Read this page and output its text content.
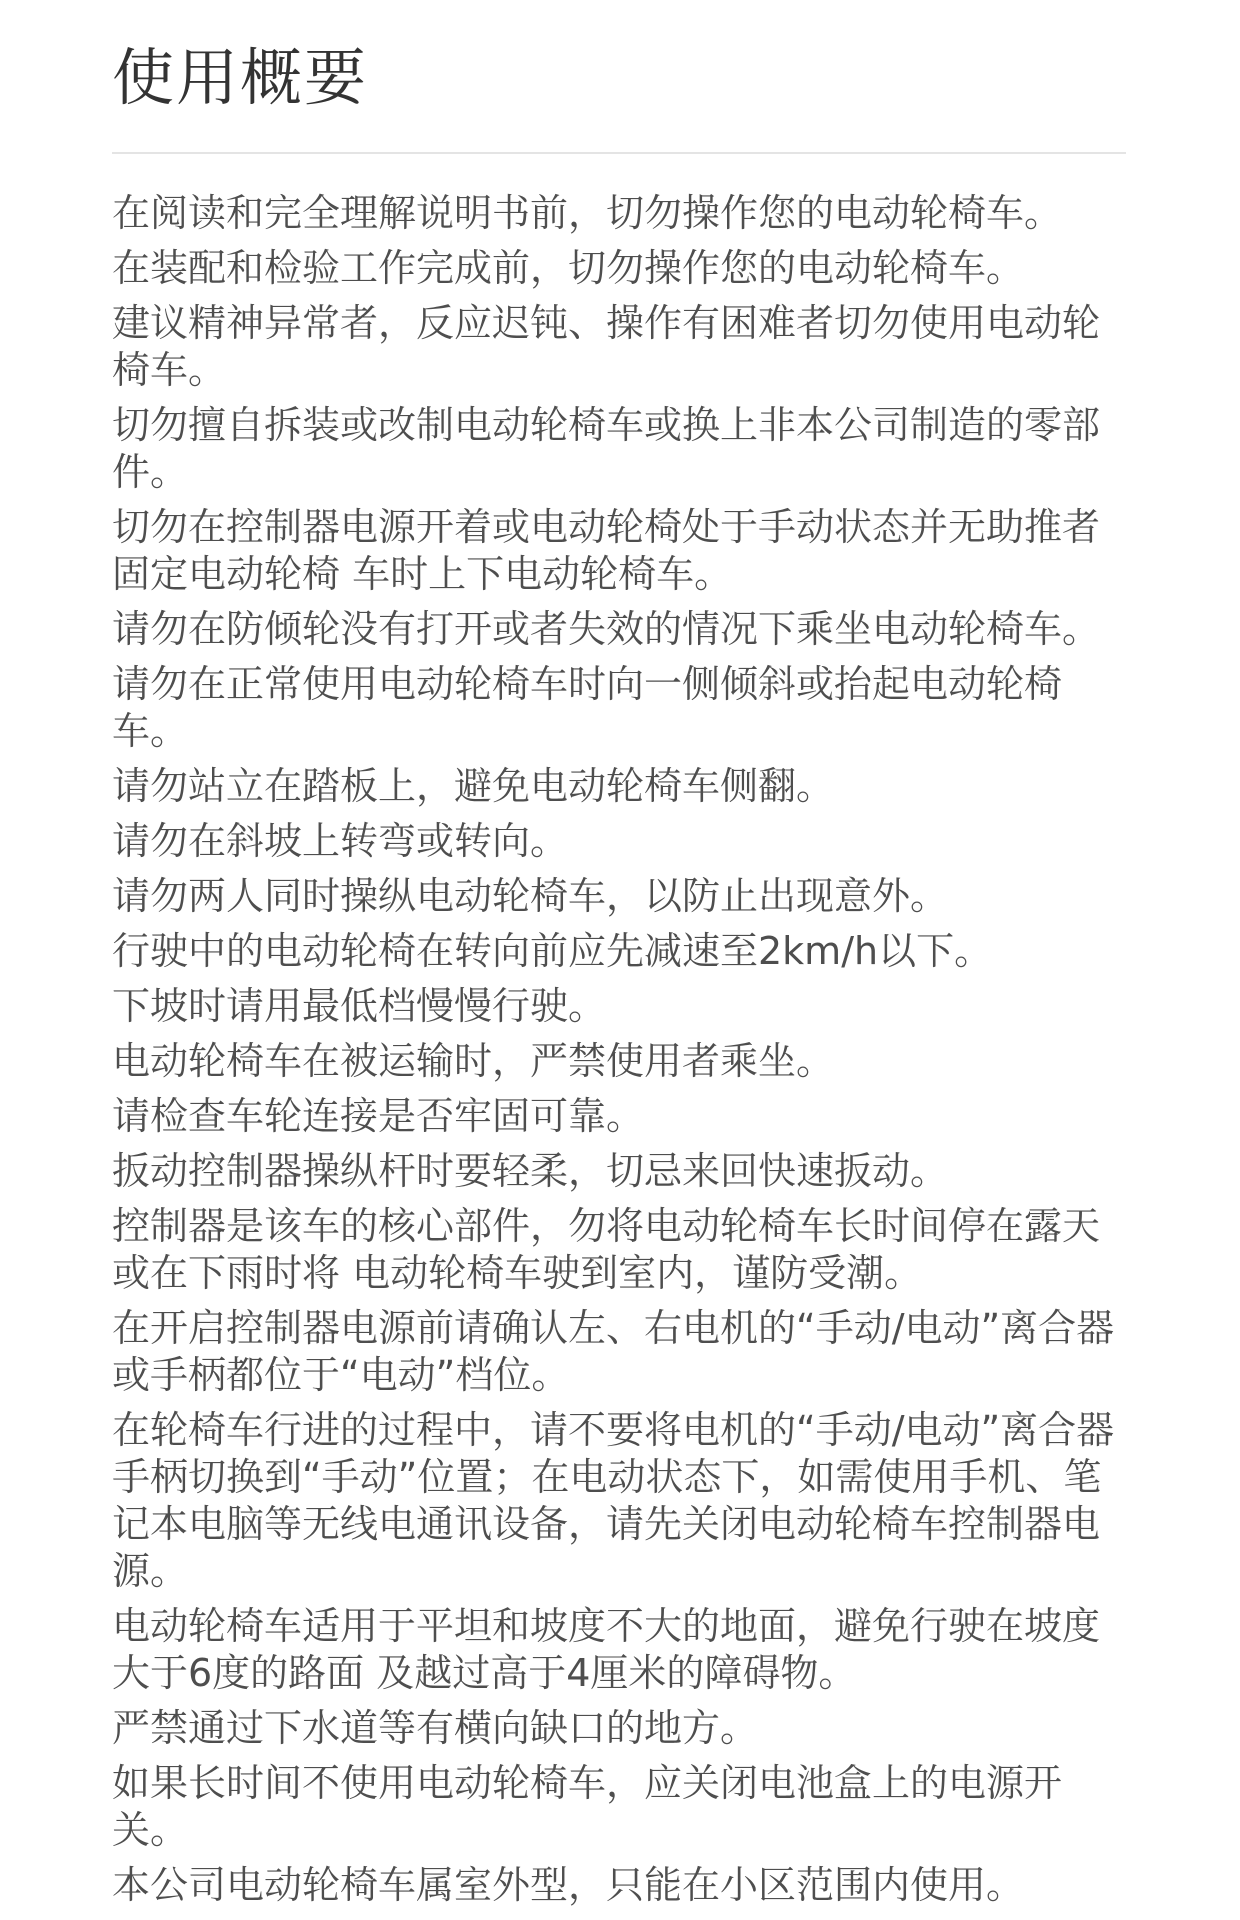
使用概要
在阅读和完全理解说明书前，切勿操作您的电动轮椅车。
在装配和检验工作完成前，切勿操作您的电动轮椅车。
建议精神异常者，反应迟钝、操作有困难者切勿使用电动轮椅车。
切勿擅自拆装或改制电动轮椅车或换上非本公司制造的零部件。
切勿在控制器电源开着或电动轮椅处于手动状态并无助推者固定电动轮椅 车时上下电动轮椅车。
请勿在防倾轮没有打开或者失效的情况下乘坐电动轮椅车。
请勿在正常使用电动轮椅车时向一侧倾斜或抬起电动轮椅车。
请勿站立在踏板上，避免电动轮椅车侧翻。
请勿在斜坡上转弯或转向。
请勿两人同时操纵电动轮椅车，以防止出现意外。
行驶中的电动轮椅在转向前应先减速至2km/h以下。
下坡时请用最低档慢慢行驶。
电动轮椅车在被运输时，严禁使用者乘坐。
请检查车轮连接是否牢固可靠。
扳动控制器操纵杆时要轻柔，切忌来回快速扳动。
控制器是该车的核心部件，勿将电动轮椅车长时间停在露天或在下雨时将 电动轮椅车驶到室内，谨防受潮。
在开启控制器电源前请确认左、右电机的“手动/电动”离合器或手柄都位于“电动”档位。
在轮椅车行进的过程中，请不要将电机的“手动/电动”离合器手柄切换到“手动”位置；在电动状态下，如需使用手机、笔记本电脑等无线电通讯设备，请先关闭电动轮椅车控制器电源。
电动轮椅车适用于平坦和坡度不大的地面，避免行驶在坡度大于6度的路面 及越过高于4厘米的障碍物。
严禁通过下水道等有横向缺口的地方。
如果长时间不使用电动轮椅车，应关闭电池盒上的电源开关。
本公司电动轮椅车属室外型，只能在小区范围内使用。
